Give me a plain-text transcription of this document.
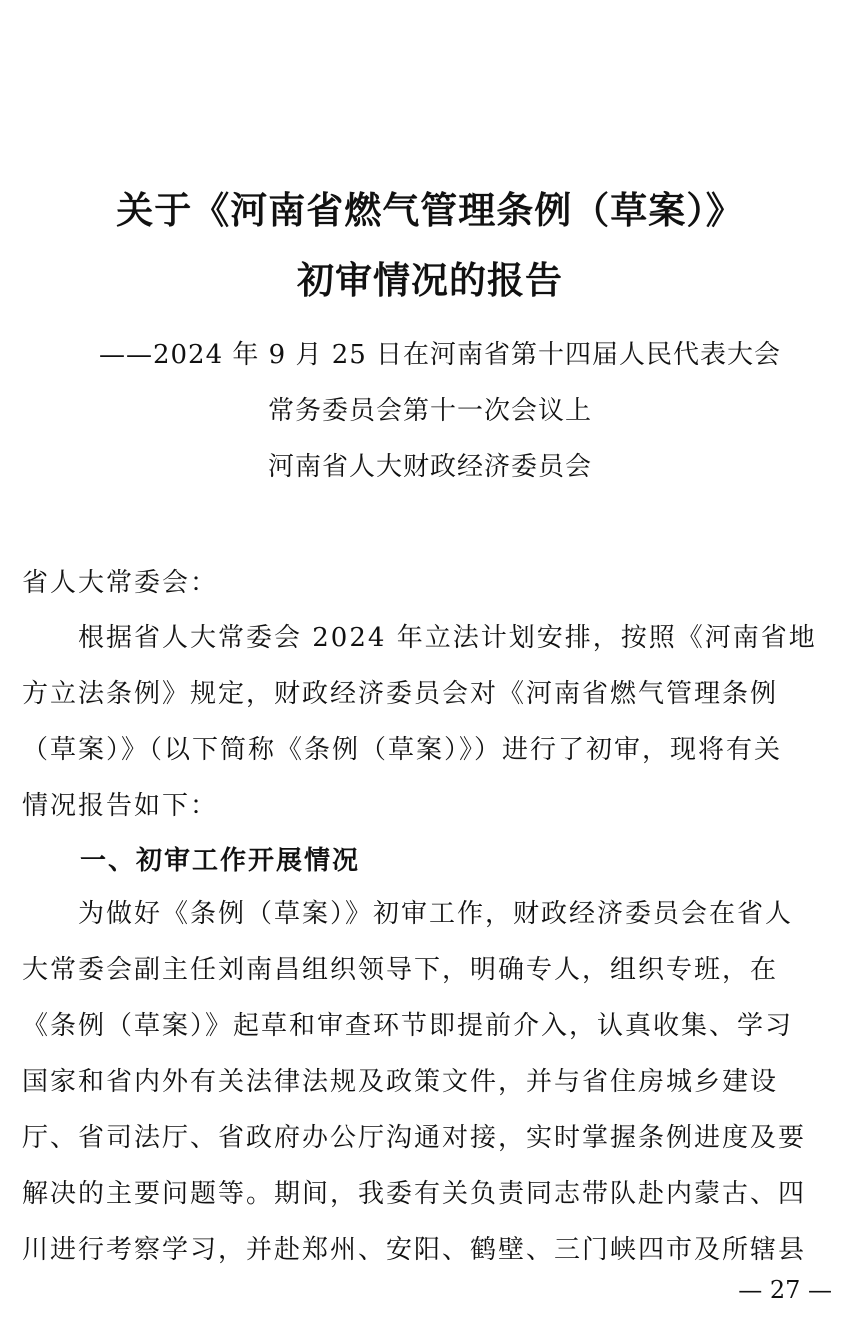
关于《河南省燃气管理条例（草案）》
初审情况的报告
——2024 年 9 月 25 日在河南省第十四届人民代表大会
常务委员会第十一次会议上
河南省人大财政经济委员会
省人大常委会：
　　根据省人大常委会 2024 年立法计划安排，按照《河南省地
方立法条例》规定，财政经济委员会对《河南省燃气管理条例
（草案）》（以下简称《条例（草案）》）进行了初审，现将有关
情况报告如下：
一、初审工作开展情况
　　为做好《条例（草案）》初审工作，财政经济委员会在省人
大常委会副主任刘南昌组织领导下，明确专人，组织专班，在
《条例（草案）》起草和审查环节即提前介入，认真收集、学习
国家和省内外有关法律法规及政策文件，并与省住房城乡建设
厅、省司法厅、省政府办公厅沟通对接，实时掌握条例进度及要
解决的主要问题等。期间，我委有关负责同志带队赴内蒙古、四
川进行考察学习，并赴郑州、安阳、鹤壁、三门峡四市及所辖县
— 27 —
